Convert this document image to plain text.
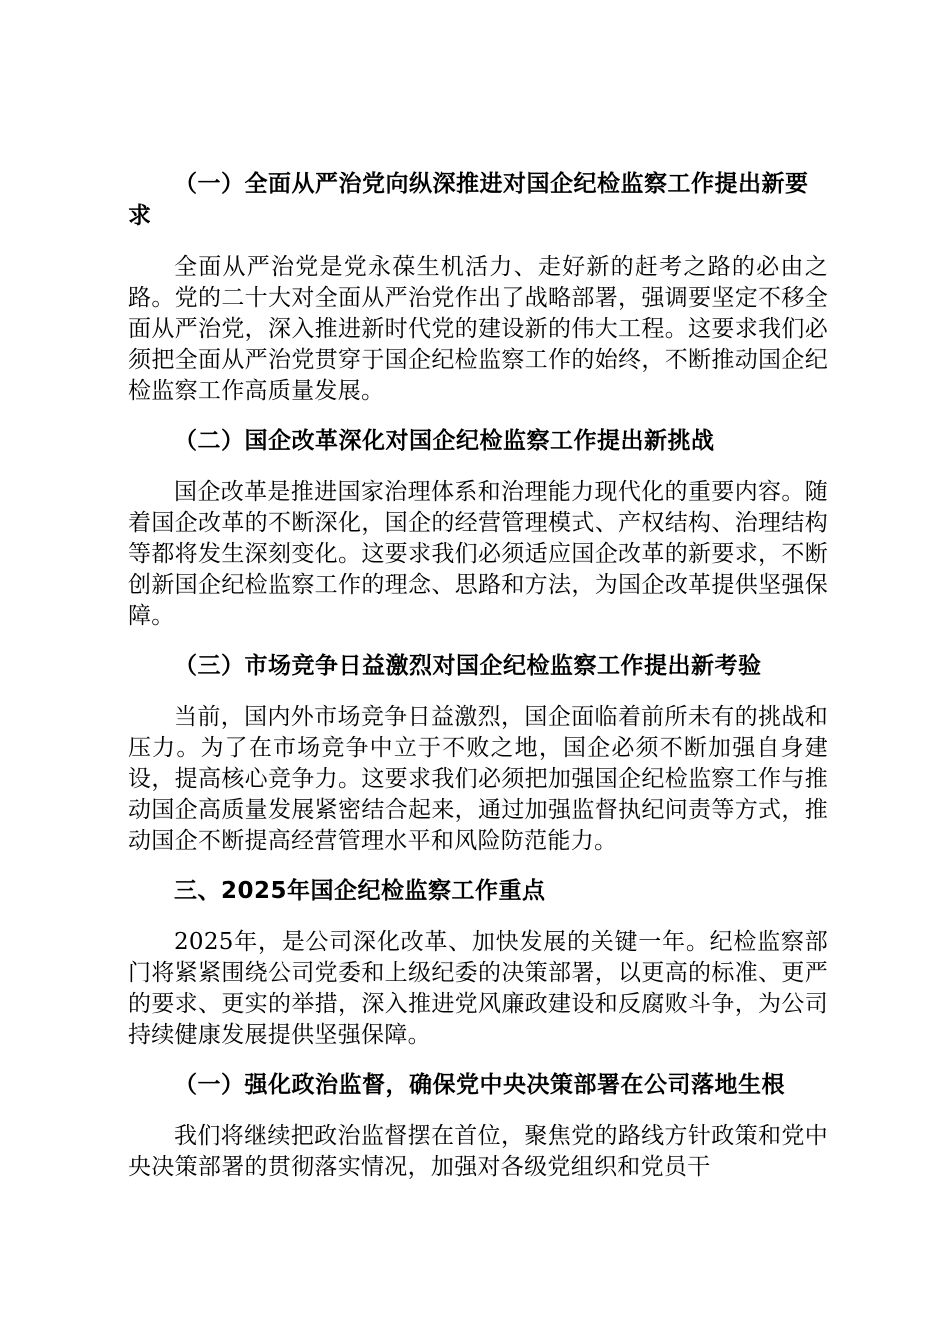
（一）全面从严治党向纵深推进对国企纪检监察工作提出新要求

全面从严治党是党永葆生机活力、走好新的赶考之路的必由之路。党的二十大对全面从严治党作出了战略部署，强调要坚定不移全面从严治党，深入推进新时代党的建设新的伟大工程。这要求我们必须把全面从严治党贯穿于国企纪检监察工作的始终，不断推动国企纪检监察工作高质量发展。

（二）国企改革深化对国企纪检监察工作提出新挑战

国企改革是推进国家治理体系和治理能力现代化的重要内容。随着国企改革的不断深化，国企的经营管理模式、产权结构、治理结构等都将发生深刻变化。这要求我们必须适应国企改革的新要求，不断创新国企纪检监察工作的理念、思路和方法，为国企改革提供坚强保障。

（三）市场竞争日益激烈对国企纪检监察工作提出新考验

当前，国内外市场竞争日益激烈，国企面临着前所未有的挑战和压力。为了在市场竞争中立于不败之地，国企必须不断加强自身建设，提高核心竞争力。这要求我们必须把加强国企纪检监察工作与推动国企高质量发展紧密结合起来，通过加强监督执纪问责等方式，推动国企不断提高经营管理水平和风险防范能力。

三、2025年国企纪检监察工作重点

2025年，是公司深化改革、加快发展的关键一年。纪检监察部门将紧紧围绕公司党委和上级纪委的决策部署，以更高的标准、更严的要求、更实的举措，深入推进党风廉政建设和反腐败斗争，为公司持续健康发展提供坚强保障。

（一）强化政治监督，确保党中央决策部署在公司落地生根

我们将继续把政治监督摆在首位，聚焦党的路线方针政策和党中央决策部署的贯彻落实情况，加强对各级党组织和党员干
